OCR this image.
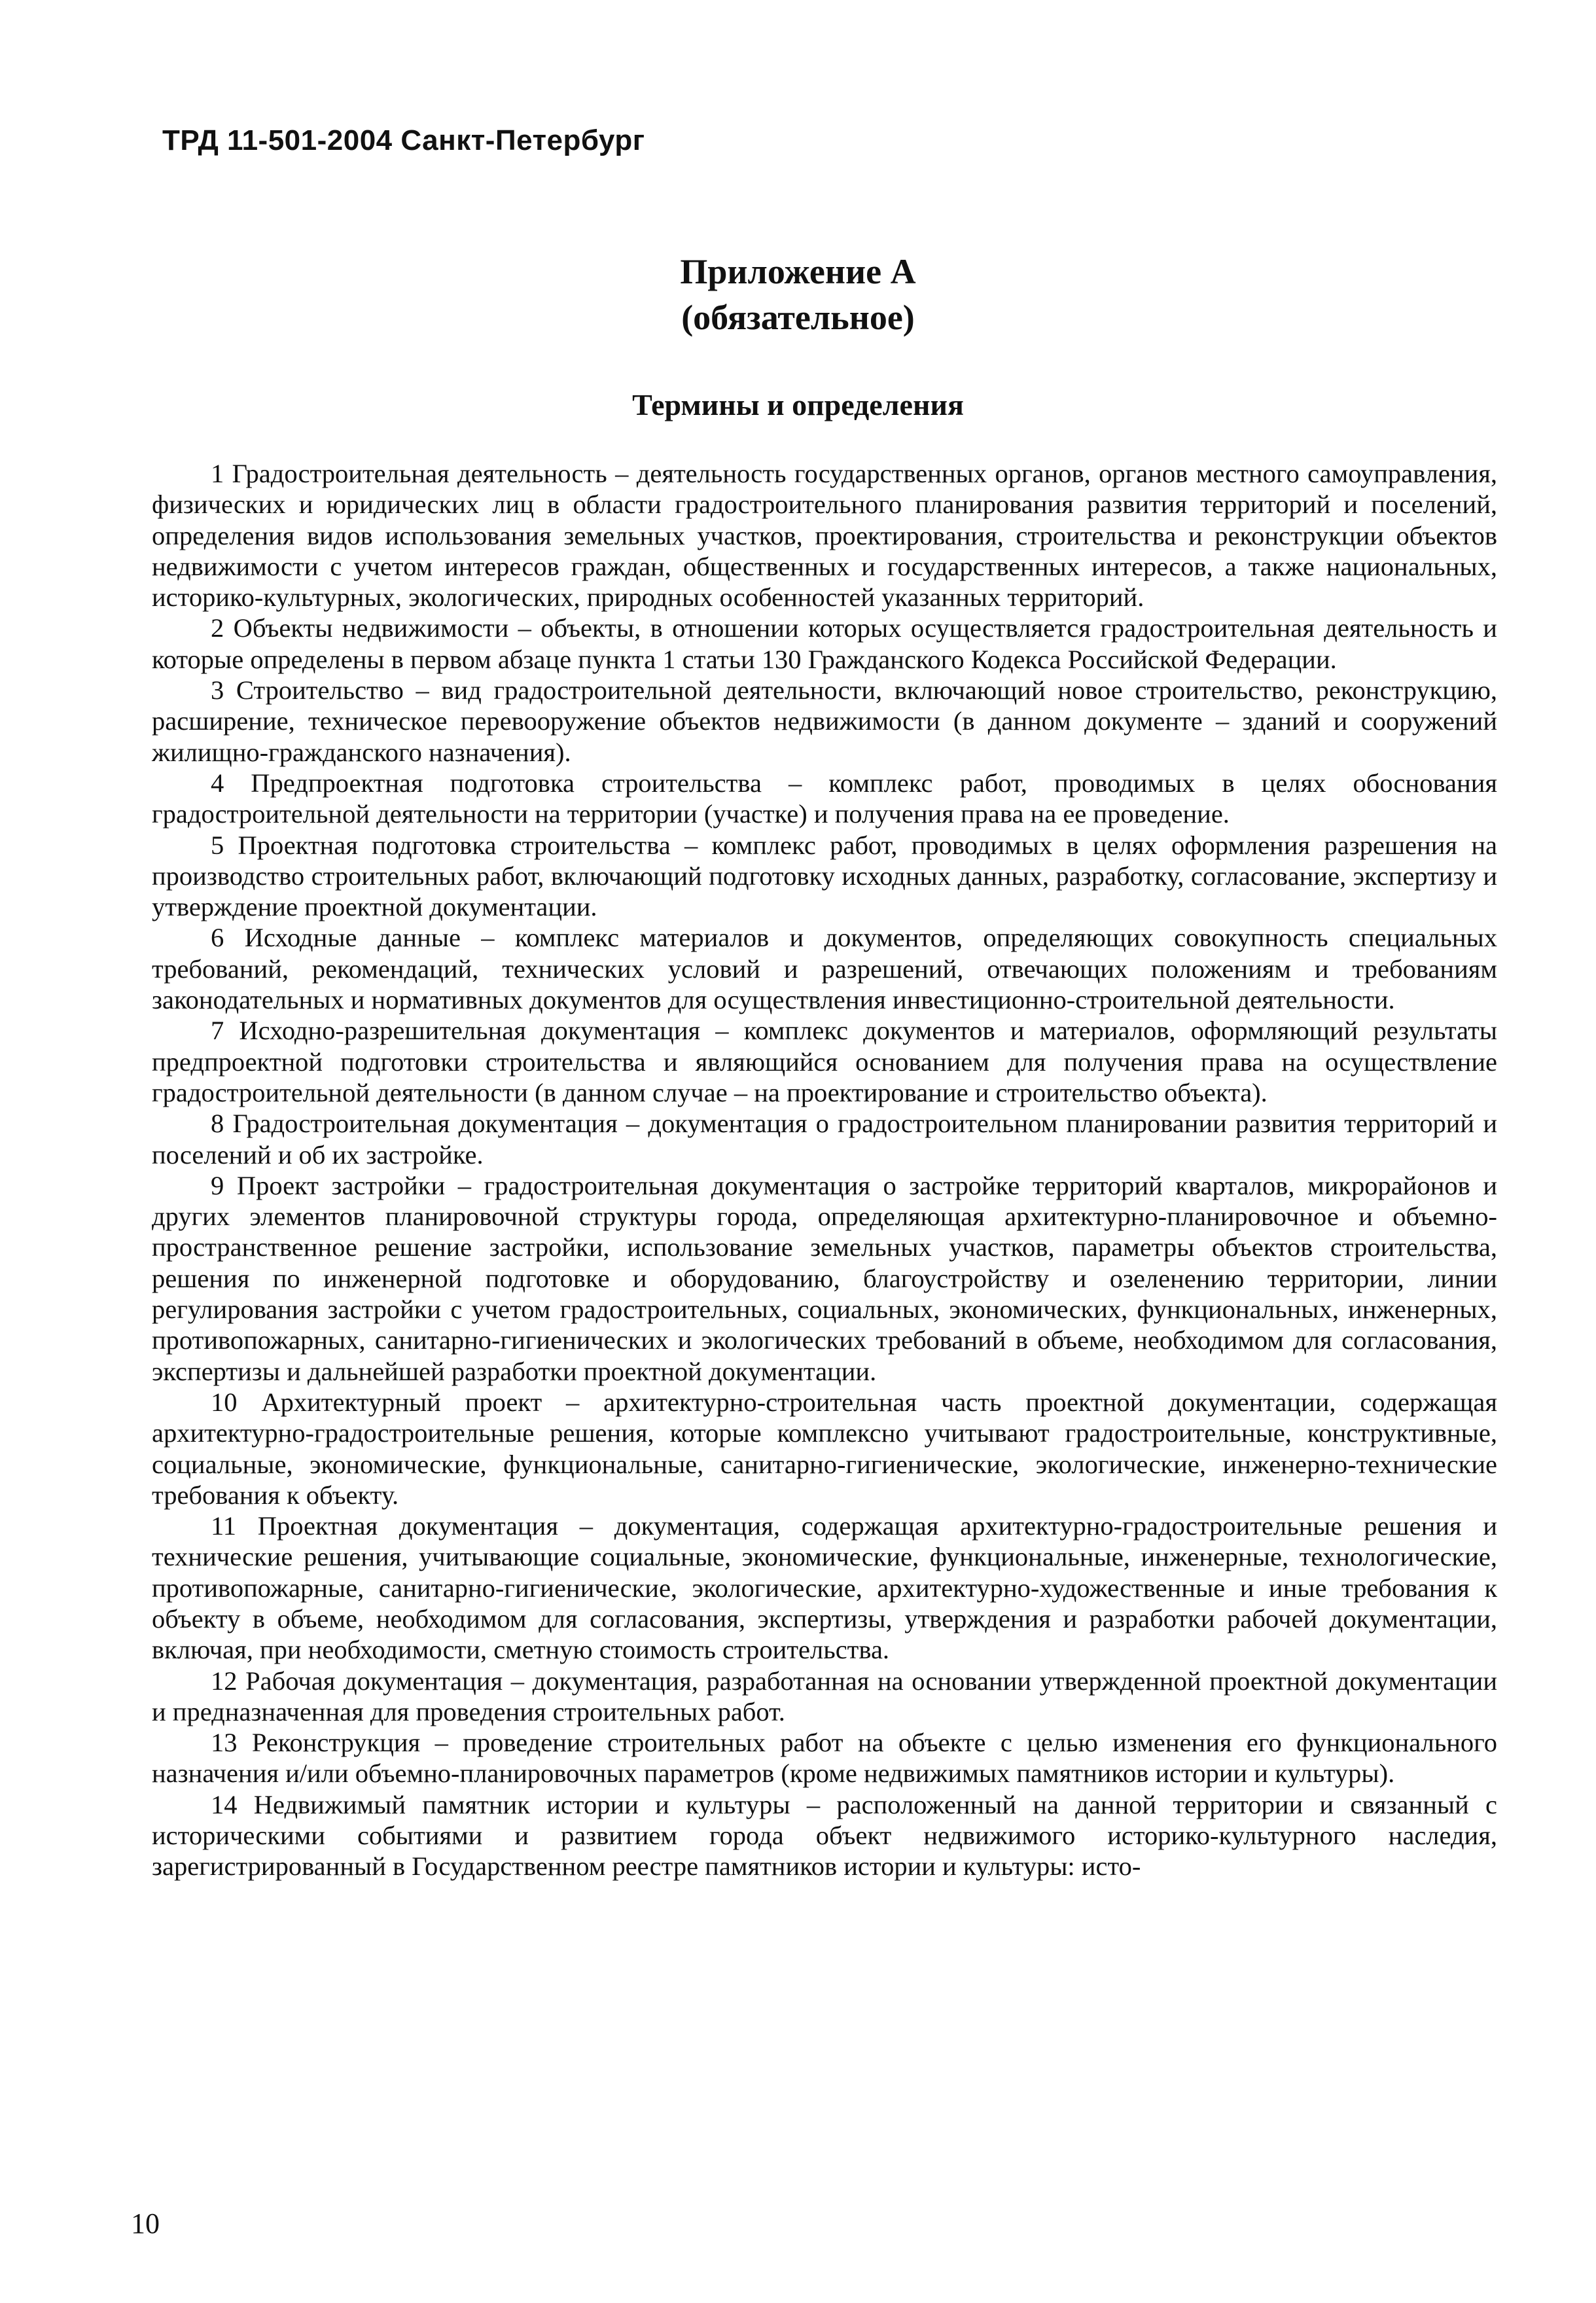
ТРД 11-501-2004 Санкт-Петербург
Приложение А
(обязательное)
Термины и определения

1 Градостроительная деятельность – деятельность государственных органов, органов местного самоуправления, физических и юридических лиц в области градостроительного планирования развития территорий и поселений, определения видов использования земельных участков, проектирования, строительства и реконструкции объектов недвижимости с учетом интересов граждан, общественных и государственных интересов, а также национальных, историко-культурных, экологических, природных особенностей указанных территорий.

2 Объекты недвижимости – объекты, в отношении которых осуществляется градостроительная деятельность и которые определены в первом абзаце пункта 1 статьи 130 Гражданского Кодекса Российской Федерации.

3 Строительство – вид градостроительной деятельности, включающий новое строительство, реконструкцию, расширение, техническое перевооружение объектов недвижимости (в данном документе – зданий и сооружений жилищно-гражданского назначения).

4 Предпроектная подготовка строительства – комплекс работ, проводимых в целях обоснования градостроительной деятельности на территории (участке) и получения права на ее проведение.

5 Проектная подготовка строительства – комплекс работ, проводимых в целях оформления разрешения на производство строительных работ, включающий подготовку исходных данных, разработку, согласование, экспертизу и утверждение проектной документации.

6 Исходные данные – комплекс материалов и документов, определяющих совокупность специальных требований, рекомендаций, технических условий и разрешений, отвечающих положениям и требованиям законодательных и нормативных документов для осуществления инвестиционно-строительной деятельности.

7 Исходно-разрешительная документация – комплекс документов и материалов, оформляющий результаты предпроектной подготовки строительства и являющийся основанием для получения права на осуществление градостроительной деятельности (в данном случае – на проектирование и строительство объекта).

8 Градостроительная документация – документация о градостроительном планировании развития территорий и поселений и об их застройке.

9 Проект застройки – градостроительная документация о застройке территорий кварталов, микрорайонов и других элементов планировочной структуры города, определяющая архитектурно-планировочное и объемно-пространственное решение застройки, использование земельных участков, параметры объектов строительства, решения по инженерной подготовке и оборудованию, благоустройству и озеленению территории, линии регулирования застройки с учетом градостроительных, социальных, экономических, функциональных, инженерных, противопожарных, санитарно-гигиенических и экологических требований в объеме, необходимом для согласования, экспертизы и дальнейшей разработки проектной документации.

10 Архитектурный проект – архитектурно-строительная часть проектной документации, содержащая архитектурно-градостроительные решения, которые комплексно учитывают градостроительные, конструктивные, социальные, экономические, функциональные, санитарно-гигиенические, экологические, инженерно-технические требования к объекту.

11 Проектная документация – документация, содержащая архитектурно-градостроительные решения и технические решения, учитывающие социальные, экономические, функциональные, инженерные, технологические, противопожарные, санитарно-гигиенические, экологические, архитектурно-художественные и иные требования к объекту в объеме, необходимом для согласования, экспертизы, утверждения и разработки рабочей документации, включая, при необходимости, сметную стоимость строительства.

12 Рабочая документация – документация, разработанная на основании утвержденной проектной документации и предназначенная для проведения строительных работ.

13 Реконструкция – проведение строительных работ на объекте с целью изменения его функционального назначения и/или объемно-планировочных параметров (кроме недвижимых памятников истории и культуры).

14 Недвижимый памятник истории и культуры – расположенный на данной территории и связанный с историческими событиями и развитием города объект недвижимого историко-культурного наследия, зарегистрированный в Государственном реестре памятников истории и культуры: исто-

10
